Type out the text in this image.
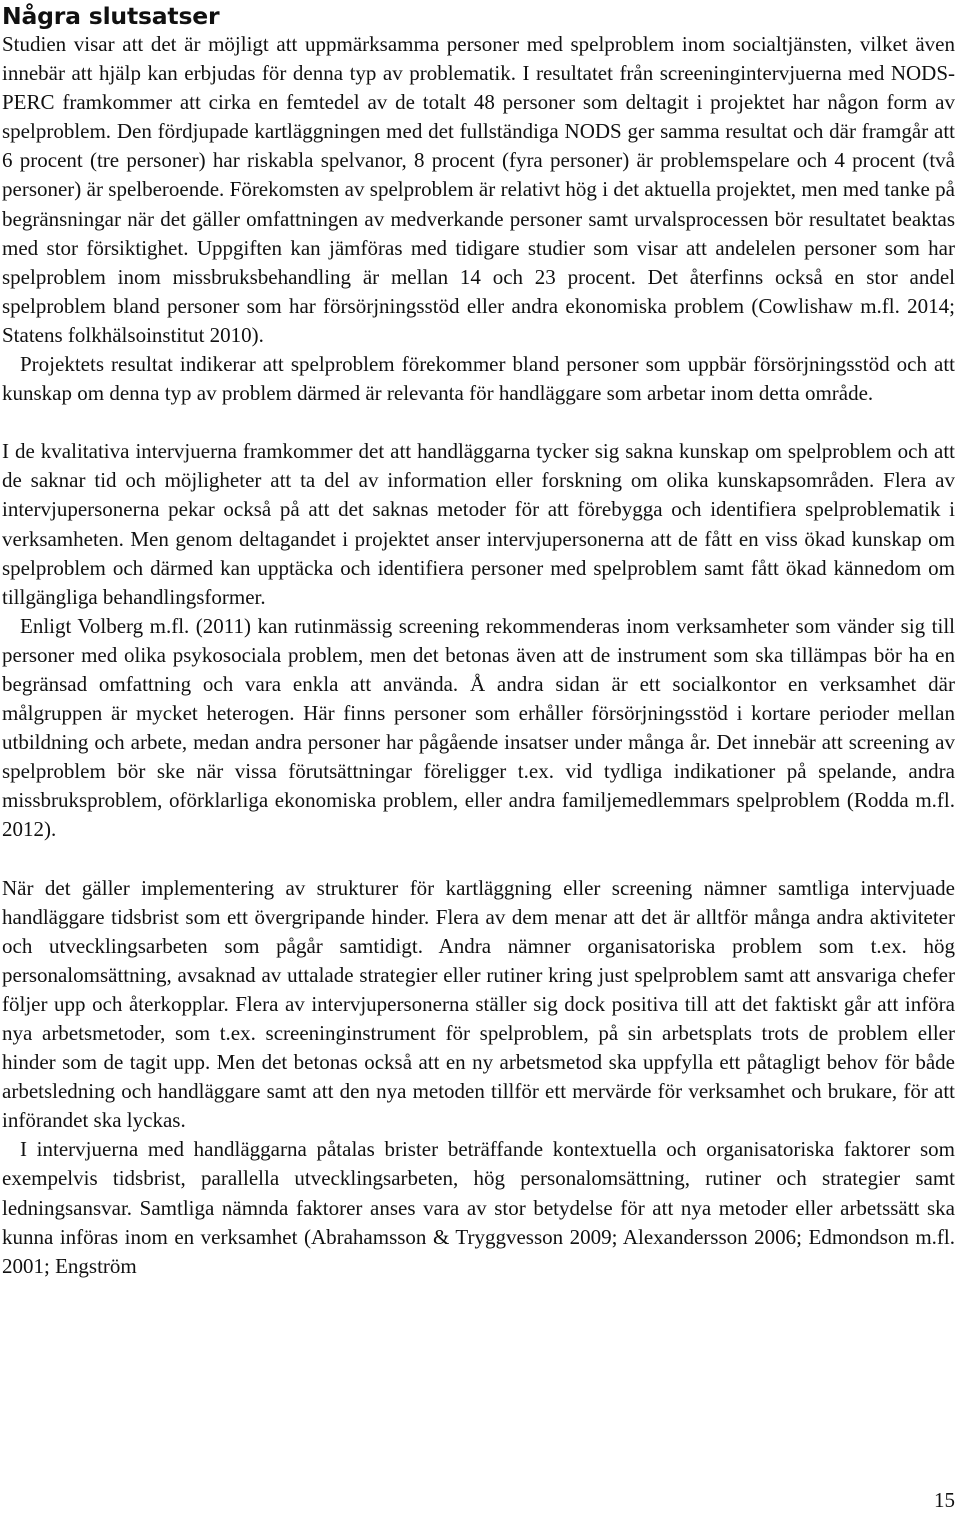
Några slutsatser

Studien visar att det är möjligt att uppmärksamma personer med spelproblem inom socialtjänsten, vilket även innebär att hjälp kan erbjudas för denna typ av problematik. I resultatet från screeningintervjuerna med NODS-PERC framkommer att cirka en femtedel av de totalt 48 personer som deltagit i projektet har någon form av spelproblem. Den fördjupade kartläggningen med det fullständiga NODS ger samma resultat och där framgår att 6 procent (tre personer) har riskabla spelvanor, 8 procent (fyra personer) är problemspelare och 4 procent (två personer) är spelberoende. Förekomsten av spelproblem är relativt hög i det aktuella projektet, men med tanke på begränsningar när det gäller omfattningen av medverkande personer samt urvalsprocessen bör resultatet beaktas med stor försiktighet. Uppgiften kan jämföras med tidigare studier som visar att andelelen personer som har spelproblem inom missbruksbehandling är mellan 14 och 23 procent. Det återfinns också en stor andel spelproblem bland personer som har försörjningsstöd eller andra ekonomiska problem (Cowlishaw m.fl. 2014; Statens folkhälsoinstitut 2010).

Projektets resultat indikerar att spelproblem förekommer bland personer som uppbär försörjningsstöd och att kunskap om denna typ av problem därmed är relevanta för handläggare som arbetar inom detta område.

I de kvalitativa intervjuerna framkommer det att handläggarna tycker sig sakna kunskap om spelproblem och att de saknar tid och möjligheter att ta del av information eller forskning om olika kunskapsområden. Flera av intervjupersonerna pekar också på att det saknas metoder för att förebygga och identifiera spelproblematik i verksamheten. Men genom deltagandet i projektet anser intervjupersonerna att de fått en viss ökad kunskap om spelproblem och därmed kan upptäcka och identifiera personer med spelproblem samt fått ökad kännedom om tillgängliga behandlingsformer.

Enligt Volberg m.fl. (2011) kan rutinmässig screening rekommenderas inom verksamheter som vänder sig till personer med olika psykosociala problem, men det betonas även att de instrument som ska tillämpas bör ha en begränsad omfattning och vara enkla att använda. Å andra sidan är ett socialkontor en verksamhet där målgruppen är mycket heterogen. Här finns personer som erhåller försörjningsstöd i kortare perioder mellan utbildning och arbete, medan andra personer har pågående insatser under många år. Det innebär att screening av spelproblem bör ske när vissa förutsättningar föreligger t.ex. vid tydliga indikationer på spelande, andra missbruksproblem, oförklarliga ekonomiska problem, eller andra familjemedlemmars spelproblem (Rodda m.fl. 2012).

När det gäller implementering av strukturer för kartläggning eller screening nämner samtliga intervjuade handläggare tidsbrist som ett övergripande hinder. Flera av dem menar att det är alltför många andra aktiviteter och utvecklingsarbeten som pågår samtidigt. Andra nämner organisatoriska problem som t.ex. hög personalomsättning, avsaknad av uttalade strategier eller rutiner kring just spelproblem samt att ansvariga chefer följer upp och återkopplar. Flera av intervjupersonerna ställer sig dock positiva till att det faktiskt går att införa nya arbetsmetoder, som t.ex. screeninginstrument för spelproblem, på sin arbetsplats trots de problem eller hinder som de tagit upp. Men det betonas också att en ny arbetsmetod ska uppfylla ett påtagligt behov för både arbetsledning och handläggare samt att den nya metoden tillför ett mervärde för verksamhet och brukare, för att införandet ska lyckas.

I intervjuerna med handläggarna påtalas brister beträffande kontextuella och organisatoriska faktorer som exempelvis tidsbrist, parallella utvecklingsarbeten, hög personalomsättning, rutiner och strategier samt ledningsansvar. Samtliga nämnda faktorer anses vara av stor betydelse för att nya metoder eller arbetssätt ska kunna införas inom en verksamhet (Abrahamsson & Tryggvesson 2009; Alexandersson 2006; Edmondson m.fl. 2001; Engström

15
